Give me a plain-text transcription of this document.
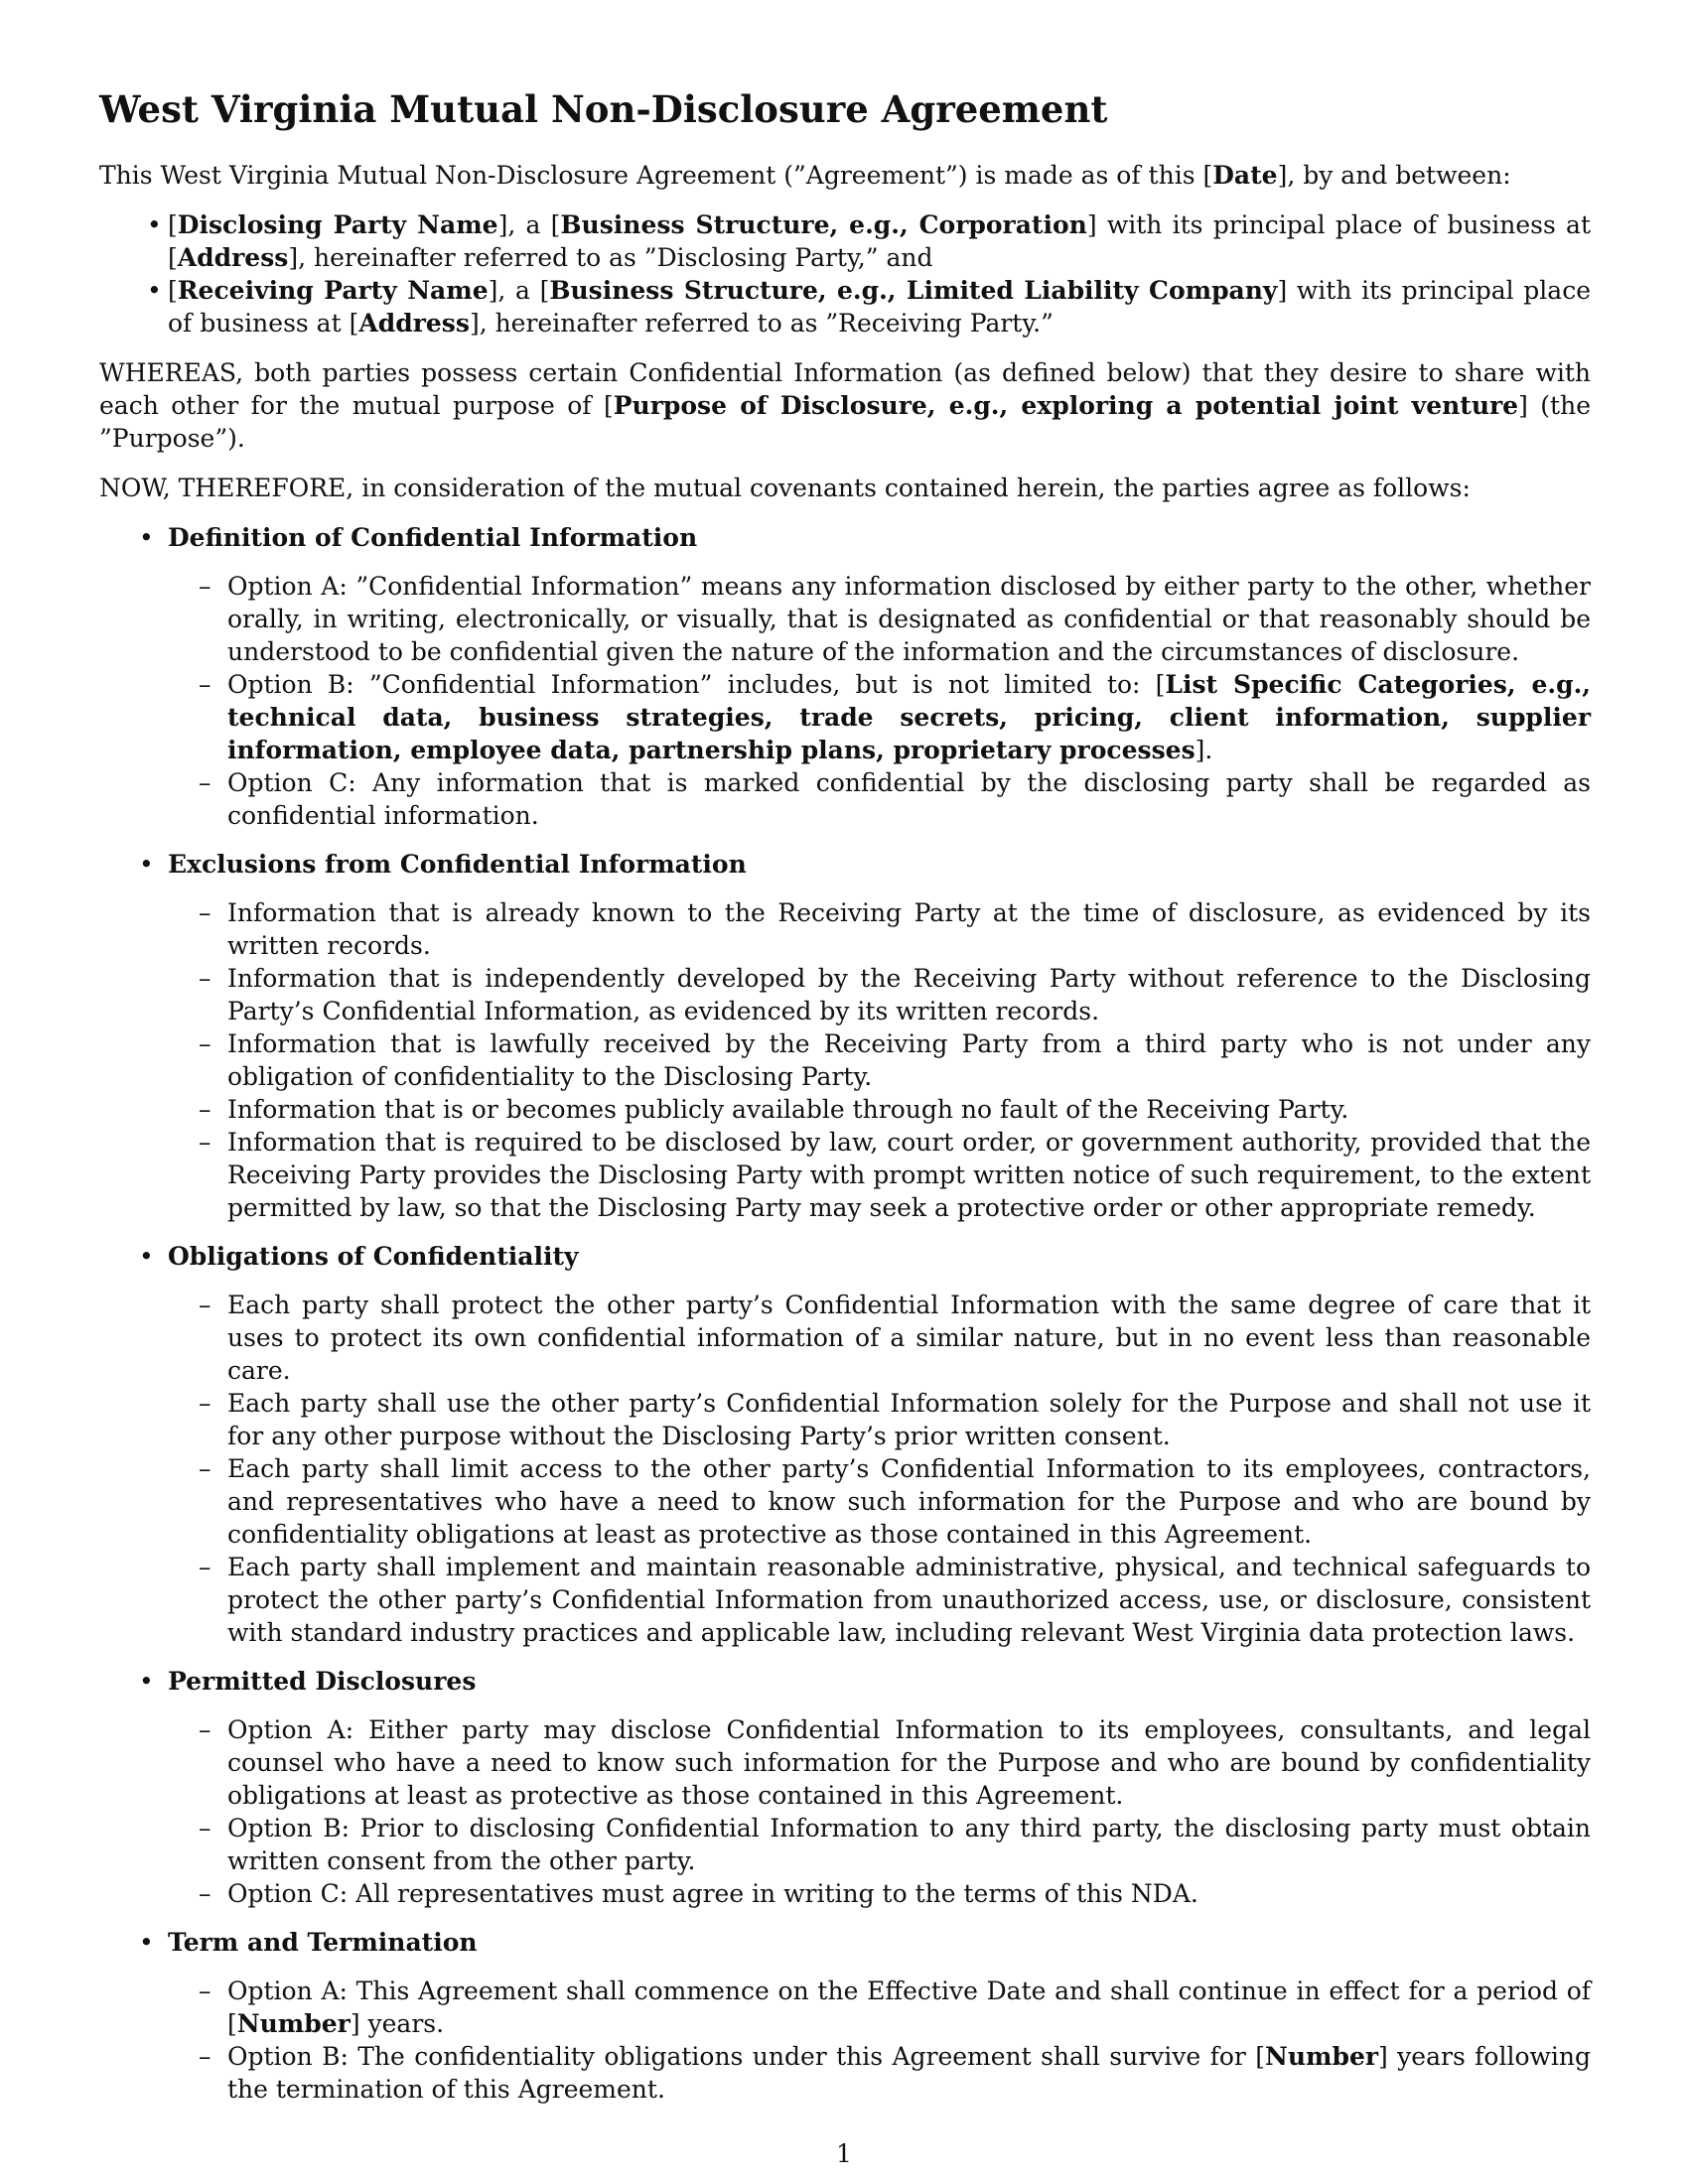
West Virginia Mutual Non-Disclosure Agreement

This West Virginia Mutual Non-Disclosure Agreement (”Agreement”) is made as of this [Date], by and between:

• [Disclosing Party Name], a [Business Structure, e.g., Corporation] with its principal place of business at [Address], hereinafter referred to as ”Disclosing Party,” and
• [Receiving Party Name], a [Business Structure, e.g., Limited Liability Company] with its principal place of business at [Address], hereinafter referred to as ”Receiving Party.”

WHEREAS, both parties possess certain Confidential Information (as defined below) that they desire to share with each other for the mutual purpose of [Purpose of Disclosure, e.g., exploring a potential joint venture] (the ”Purpose”).

NOW, THEREFORE, in consideration of the mutual covenants contained herein, the parties agree as follows:

• Definition of Confidential Information
– Option A: ”Confidential Information” means any information disclosed by either party to the other, whether orally, in writing, electronically, or visually, that is designated as confidential or that reasonably should be understood to be confidential given the nature of the information and the circumstances of disclosure.
– Option B: ”Confidential Information” includes, but is not limited to: [List Specific Categories, e.g., technical data, business strategies, trade secrets, pricing, client information, supplier information, employee data, partnership plans, proprietary processes].
– Option C: Any information that is marked confidential by the disclosing party shall be regarded as confidential information.
• Exclusions from Confidential Information
– Information that is already known to the Receiving Party at the time of disclosure, as evidenced by its written records.
– Information that is independently developed by the Receiving Party without reference to the Disclosing Party’s Confidential Information, as evidenced by its written records.
– Information that is lawfully received by the Receiving Party from a third party who is not under any obligation of confidentiality to the Disclosing Party.
– Information that is or becomes publicly available through no fault of the Receiving Party.
– Information that is required to be disclosed by law, court order, or government authority, provided that the Receiving Party provides the Disclosing Party with prompt written notice of such requirement, to the extent permitted by law, so that the Disclosing Party may seek a protective order or other appropriate remedy.
• Obligations of Confidentiality
– Each party shall protect the other party’s Confidential Information with the same degree of care that it uses to protect its own confidential information of a similar nature, but in no event less than reasonable care.
– Each party shall use the other party’s Confidential Information solely for the Purpose and shall not use it for any other purpose without the Disclosing Party’s prior written consent.
– Each party shall limit access to the other party’s Confidential Information to its employees, contractors, and representatives who have a need to know such information for the Purpose and who are bound by confidentiality obligations at least as protective as those contained in this Agreement.
– Each party shall implement and maintain reasonable administrative, physical, and technical safeguards to protect the other party’s Confidential Information from unauthorized access, use, or disclosure, consistent with standard industry practices and applicable law, including relevant West Virginia data protection laws.
• Permitted Disclosures
– Option A: Either party may disclose Confidential Information to its employees, consultants, and legal counsel who have a need to know such information for the Purpose and who are bound by confidentiality obligations at least as protective as those contained in this Agreement.
– Option B: Prior to disclosing Confidential Information to any third party, the disclosing party must obtain written consent from the other party.
– Option C: All representatives must agree in writing to the terms of this NDA.
• Term and Termination
– Option A: This Agreement shall commence on the Effective Date and shall continue in effect for a period of [Number] years.
– Option B: The confidentiality obligations under this Agreement shall survive for [Number] years following the termination of this Agreement.
1
